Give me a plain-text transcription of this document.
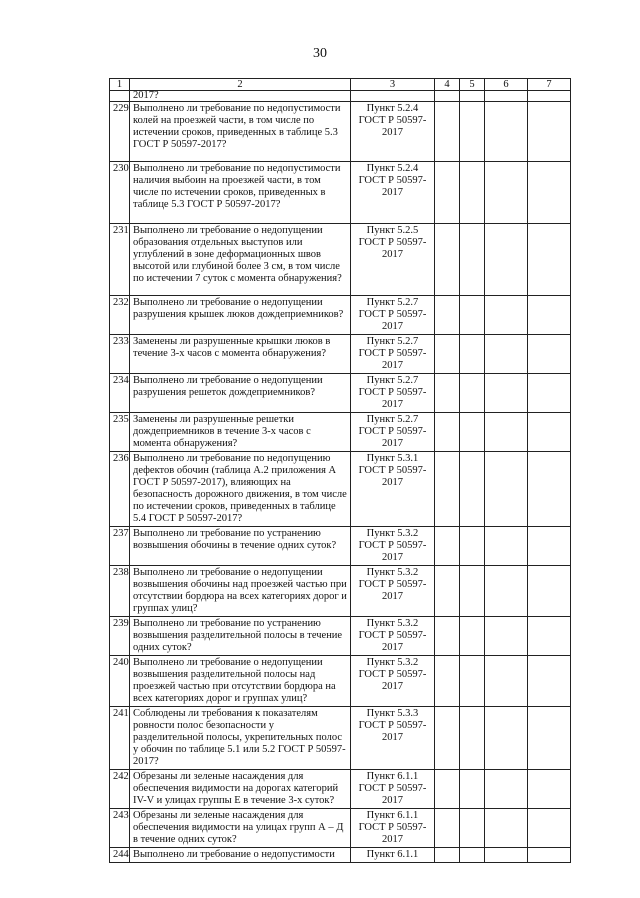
30
1	2	3	4	5	6	7
	2017?					
229	Выполнено ли требование по недопустимости колей на проезжей части, в том числе по истечении сроков, приведенных в таблице 5.3 ГОСТ Р 50597-2017?	Пункт 5.2.4 ГОСТ Р 50597-2017				
230	Выполнено ли требование по недопустимости наличия выбоин на проезжей части, в том числе по истечении сроков, приведенных в таблице 5.3 ГОСТ Р 50597-2017?	Пункт 5.2.4 ГОСТ Р 50597-2017				
231	Выполнено ли требование о недопущении образования отдельных выступов или углублений в зоне деформационных швов высотой или глубиной более 3 см, в том числе по истечении 7 суток с момента обнаружения?	Пункт 5.2.5 ГОСТ Р 50597-2017				
232	Выполнено ли требование о недопущении разрушения крышек люков дождеприемников?	Пункт 5.2.7 ГОСТ Р 50597-2017				
233	Заменены ли разрушенные крышки люков в течение 3-х часов с момента обнаружения?	Пункт 5.2.7 ГОСТ Р 50597-2017				
234	Выполнено ли требование о недопущении разрушения решеток дождеприемников?	Пункт 5.2.7 ГОСТ Р 50597-2017				
235	Заменены ли разрушенные решетки дождеприемников в течение 3-х часов с момента обнаружения?	Пункт 5.2.7 ГОСТ Р 50597-2017				
236	Выполнено ли требование по недопущению дефектов обочин (таблица А.2 приложения А ГОСТ Р 50597-2017), влияющих на безопасность дорожного движения, в том числе по истечении сроков, приведенных в таблице 5.4 ГОСТ Р 50597-2017?	Пункт 5.3.1 ГОСТ Р 50597-2017				
237	Выполнено ли требование по устранению возвышения обочины в течение одних суток?	Пункт 5.3.2 ГОСТ Р 50597-2017				
238	Выполнено ли требование о недопущении возвышения обочины над проезжей частью при отсутствии бордюра на всех категориях дорог и группах улиц?	Пункт 5.3.2 ГОСТ Р 50597-2017				
239	Выполнено ли требование по устранению возвышения разделительной полосы в течение одних суток?	Пункт 5.3.2 ГОСТ Р 50597-2017				
240	Выполнено ли требование о недопущении возвышения разделительной полосы над проезжей частью при отсутствии бордюра на всех категориях дорог и группах улиц?	Пункт 5.3.2 ГОСТ Р 50597-2017				
241	Соблюдены ли требования к показателям ровности полос безопасности у разделительной полосы, укрепительных полос у обочин по таблице 5.1 или 5.2 ГОСТ Р 50597-2017?	Пункт 5.3.3 ГОСТ Р 50597-2017				
242	Обрезаны ли зеленые насаждения для обеспечения видимости на дорогах категорий IV-V и улицах группы Е в течение 3-х суток?	Пункт 6.1.1 ГОСТ Р 50597-2017				
243	Обрезаны ли зеленые насаждения для обеспечения видимости на улицах групп А – Д в течение одних суток?	Пункт 6.1.1 ГОСТ Р 50597-2017				
244	Выполнено ли требование о недопустимости	Пункт 6.1.1				
